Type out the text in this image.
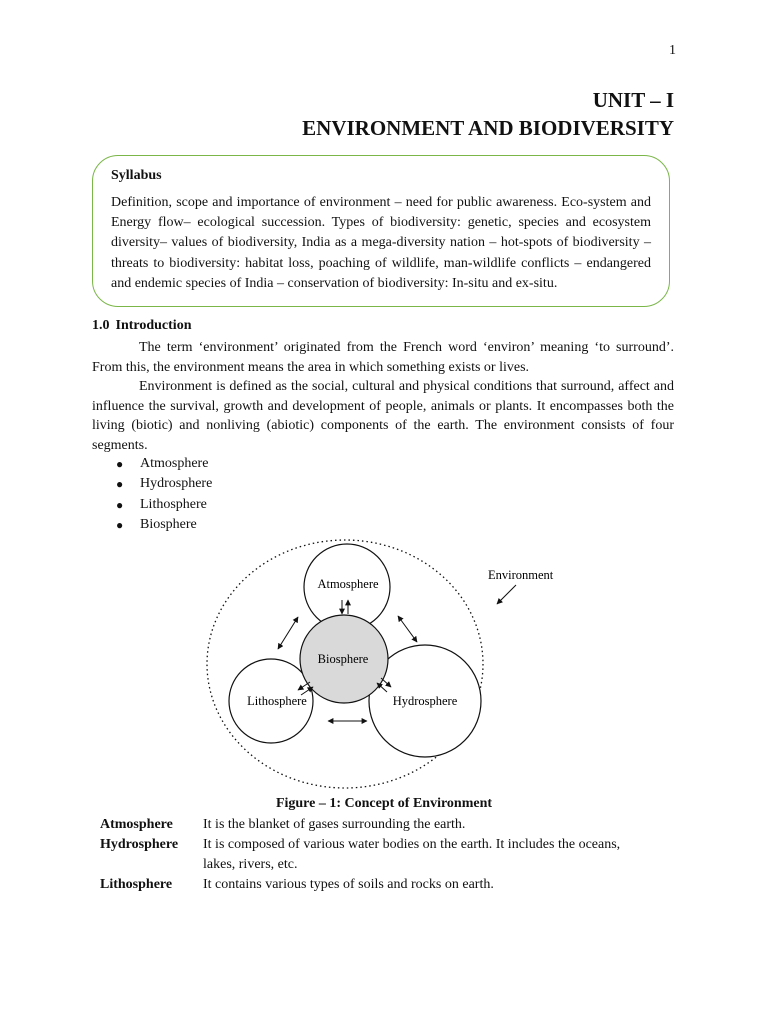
1
UNIT – I
ENVIRONMENT AND BIODIVERSITY
Syllabus

Definition, scope and importance of environment – need for public awareness. Eco-system and Energy flow– ecological succession. Types of biodiversity: genetic, species and ecosystem diversity– values of biodiversity, India as a mega-diversity nation – hot-spots of biodiversity – threats to biodiversity: habitat loss, poaching of wildlife, man-wildlife conflicts – endangered and endemic species of India – conservation of biodiversity: In-situ and ex-situ.

1.0 Introduction

The term ‘environment’ originated from the French word ‘environ’ meaning ‘to surround’. From this, the environment means the area in which something exists or lives.

Environment is defined as the social, cultural and physical conditions that surround, affect and influence the survival, growth and development of people, animals or plants. It encompasses both the living (biotic) and nonliving (abiotic) components of the earth. The environment consists of four segments.

●	Atmosphere
●	Hydrosphere
●	Lithosphere
●	Biosphere
Environment
Atmosphere
Biosphere
Lithosphere	Hydrosphere
Figure – 1: Concept of Environment
Atmosphere	It is the blanket of gases surrounding the earth.
Hydrosphere	It is composed of various water bodies on the earth. It includes the oceans, lakes, rivers, etc.
Lithosphere	It contains various types of soils and rocks on earth.
